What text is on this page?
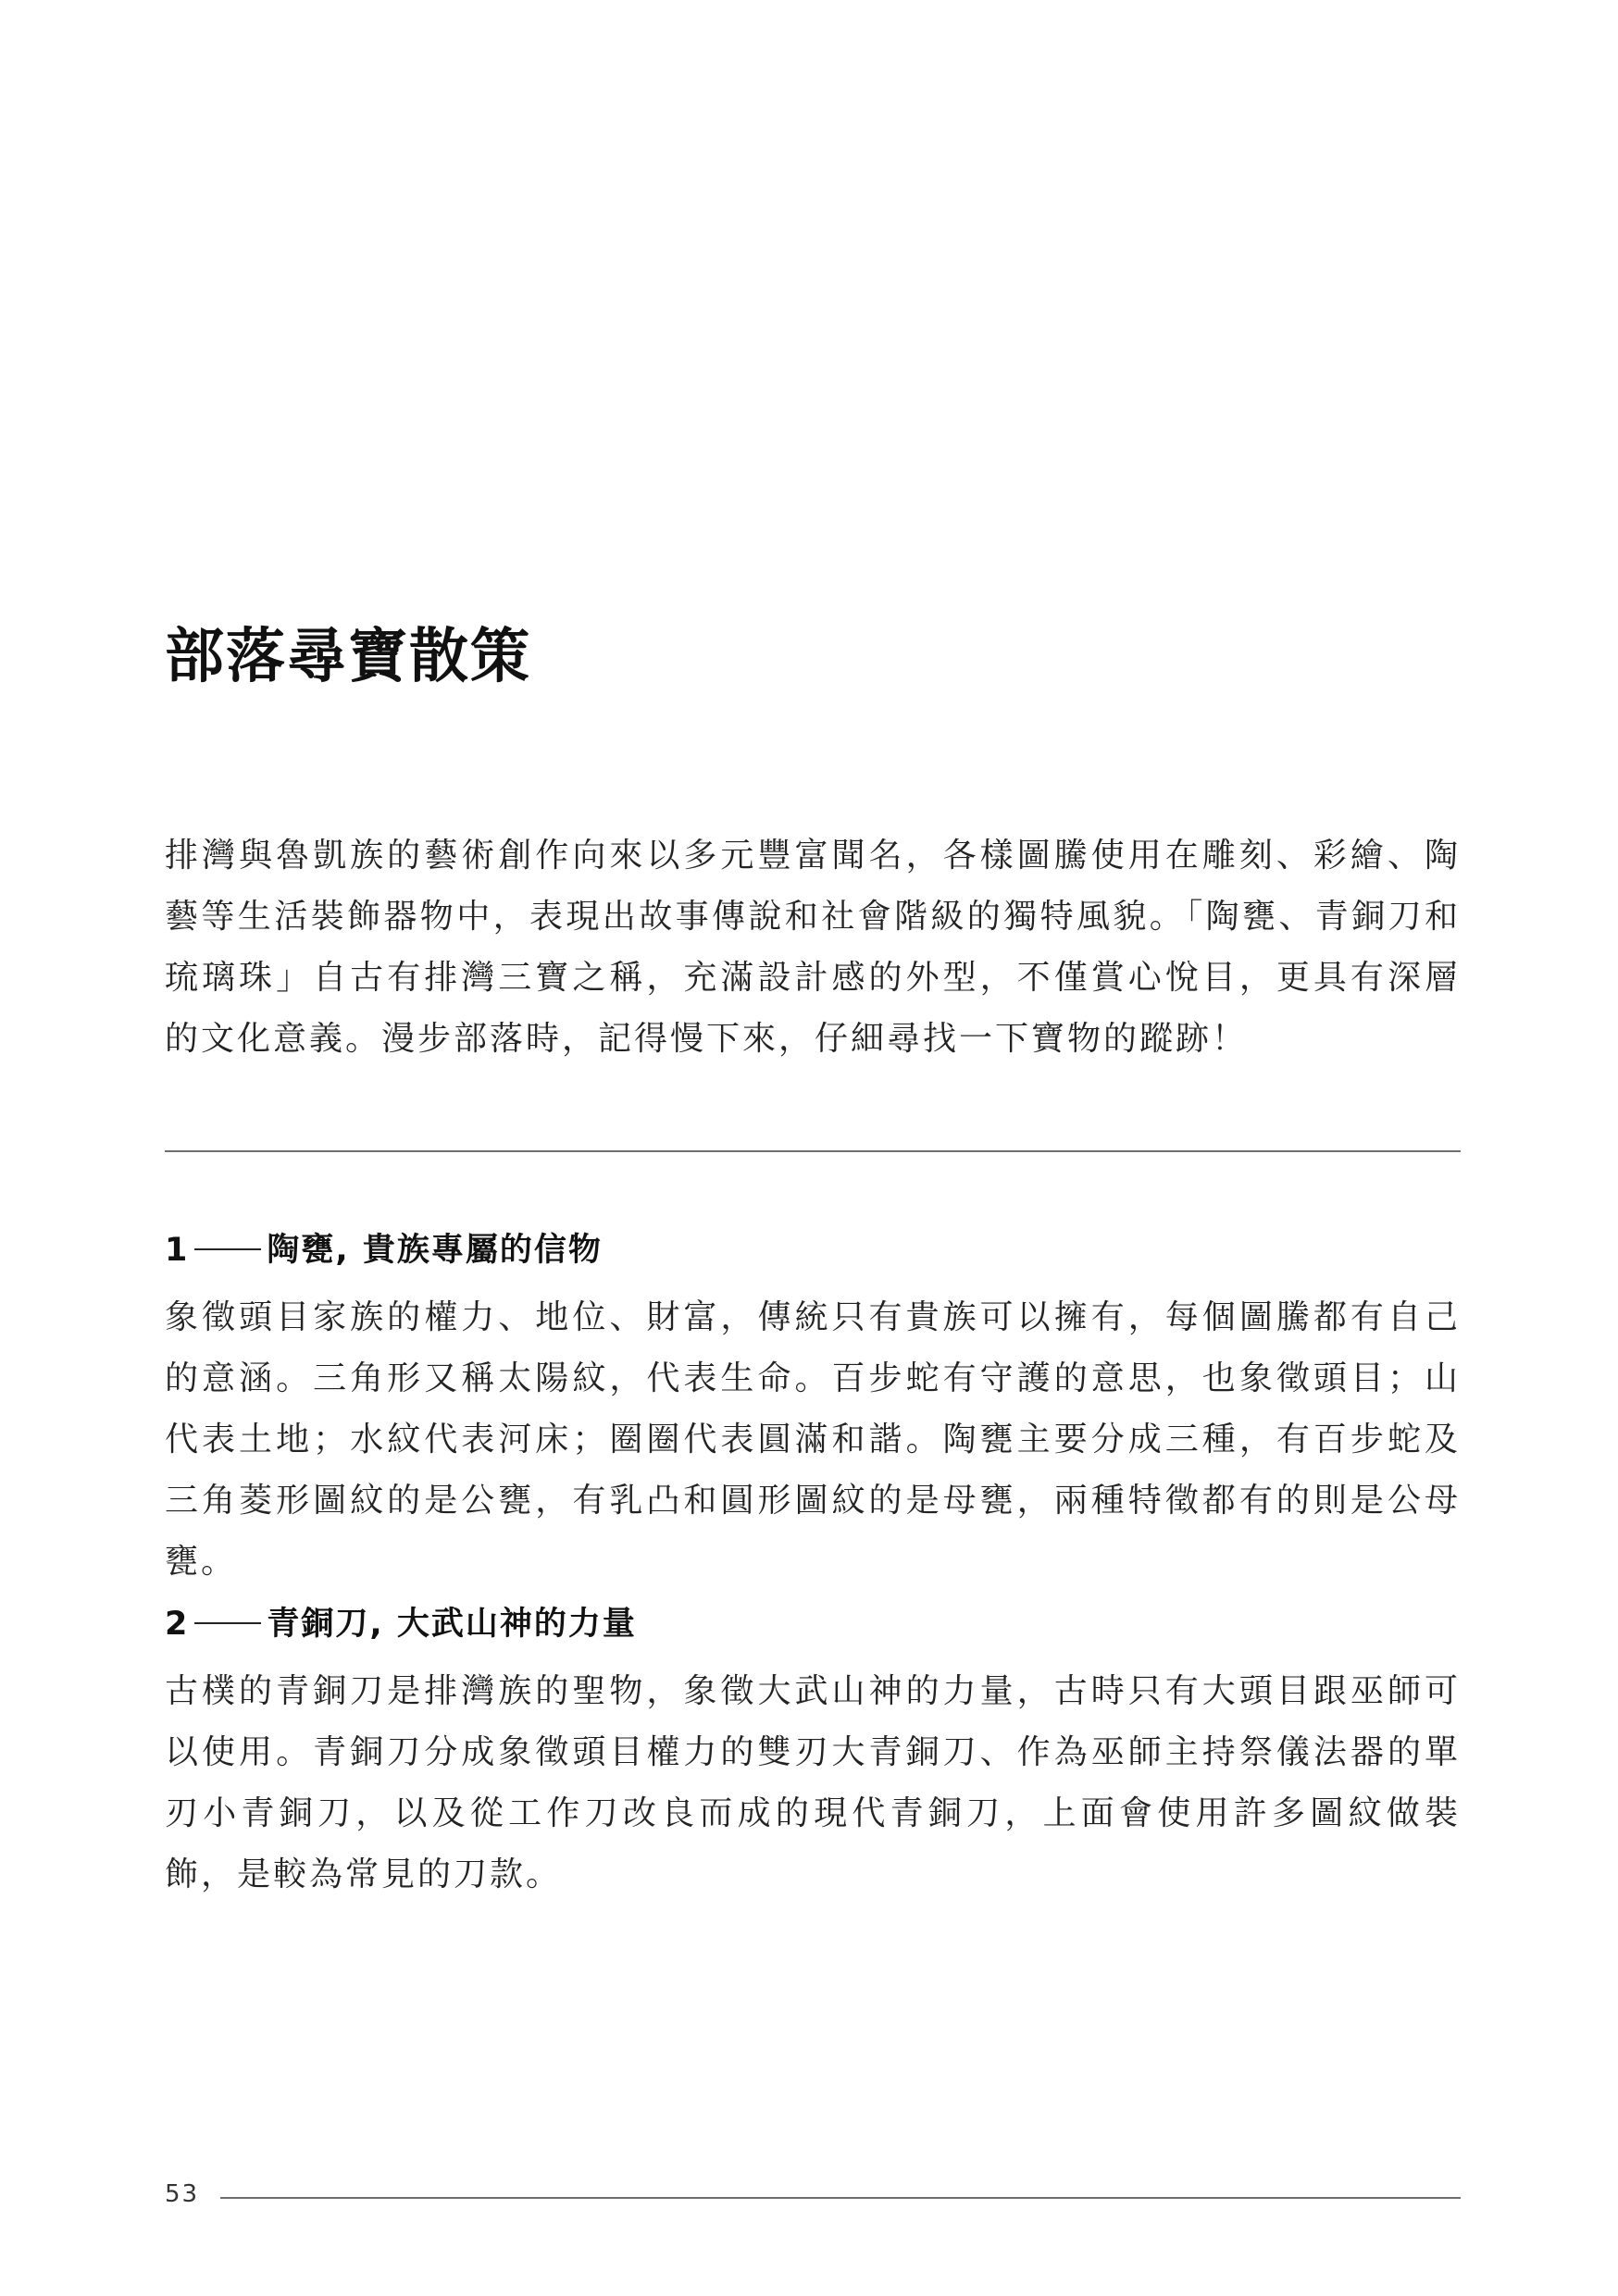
部落尋寶散策

排灣與魯凱族的藝術創作向來以多元豐富聞名，各樣圖騰使用在雕刻、彩繪、陶藝等生活裝飾器物中，表現出故事傳說和社會階級的獨特風貌。「陶甕、青銅刀和琉璃珠」自古有排灣三寶之稱，充滿設計感的外型，不僅賞心悅目，更具有深層的文化意義。漫步部落時，記得慢下來，仔細尋找一下寶物的蹤跡！

1 陶甕, 貴族專屬的信物

象徵頭目家族的權力、地位、財富，傳統只有貴族可以擁有，每個圖騰都有自己的意涵。三角形又稱太陽紋，代表生命。百步蛇有守護的意思，也象徵頭目；山代表土地；水紋代表河床；圈圈代表圓滿和諧。陶甕主要分成三種，有百步蛇及三角菱形圖紋的是公甕，有乳凸和圓形圖紋的是母甕，兩種特徵都有的則是公母甕。

2 青銅刀, 大武山神的力量

古樸的青銅刀是排灣族的聖物，象徵大武山神的力量，古時只有大頭目跟巫師可以使用。青銅刀分成象徵頭目權力的雙刃大青銅刀、作為巫師主持祭儀法器的單刃小青銅刀，以及從工作刀改良而成的現代青銅刀，上面會使用許多圖紋做裝飾，是較為常見的刀款。

53
